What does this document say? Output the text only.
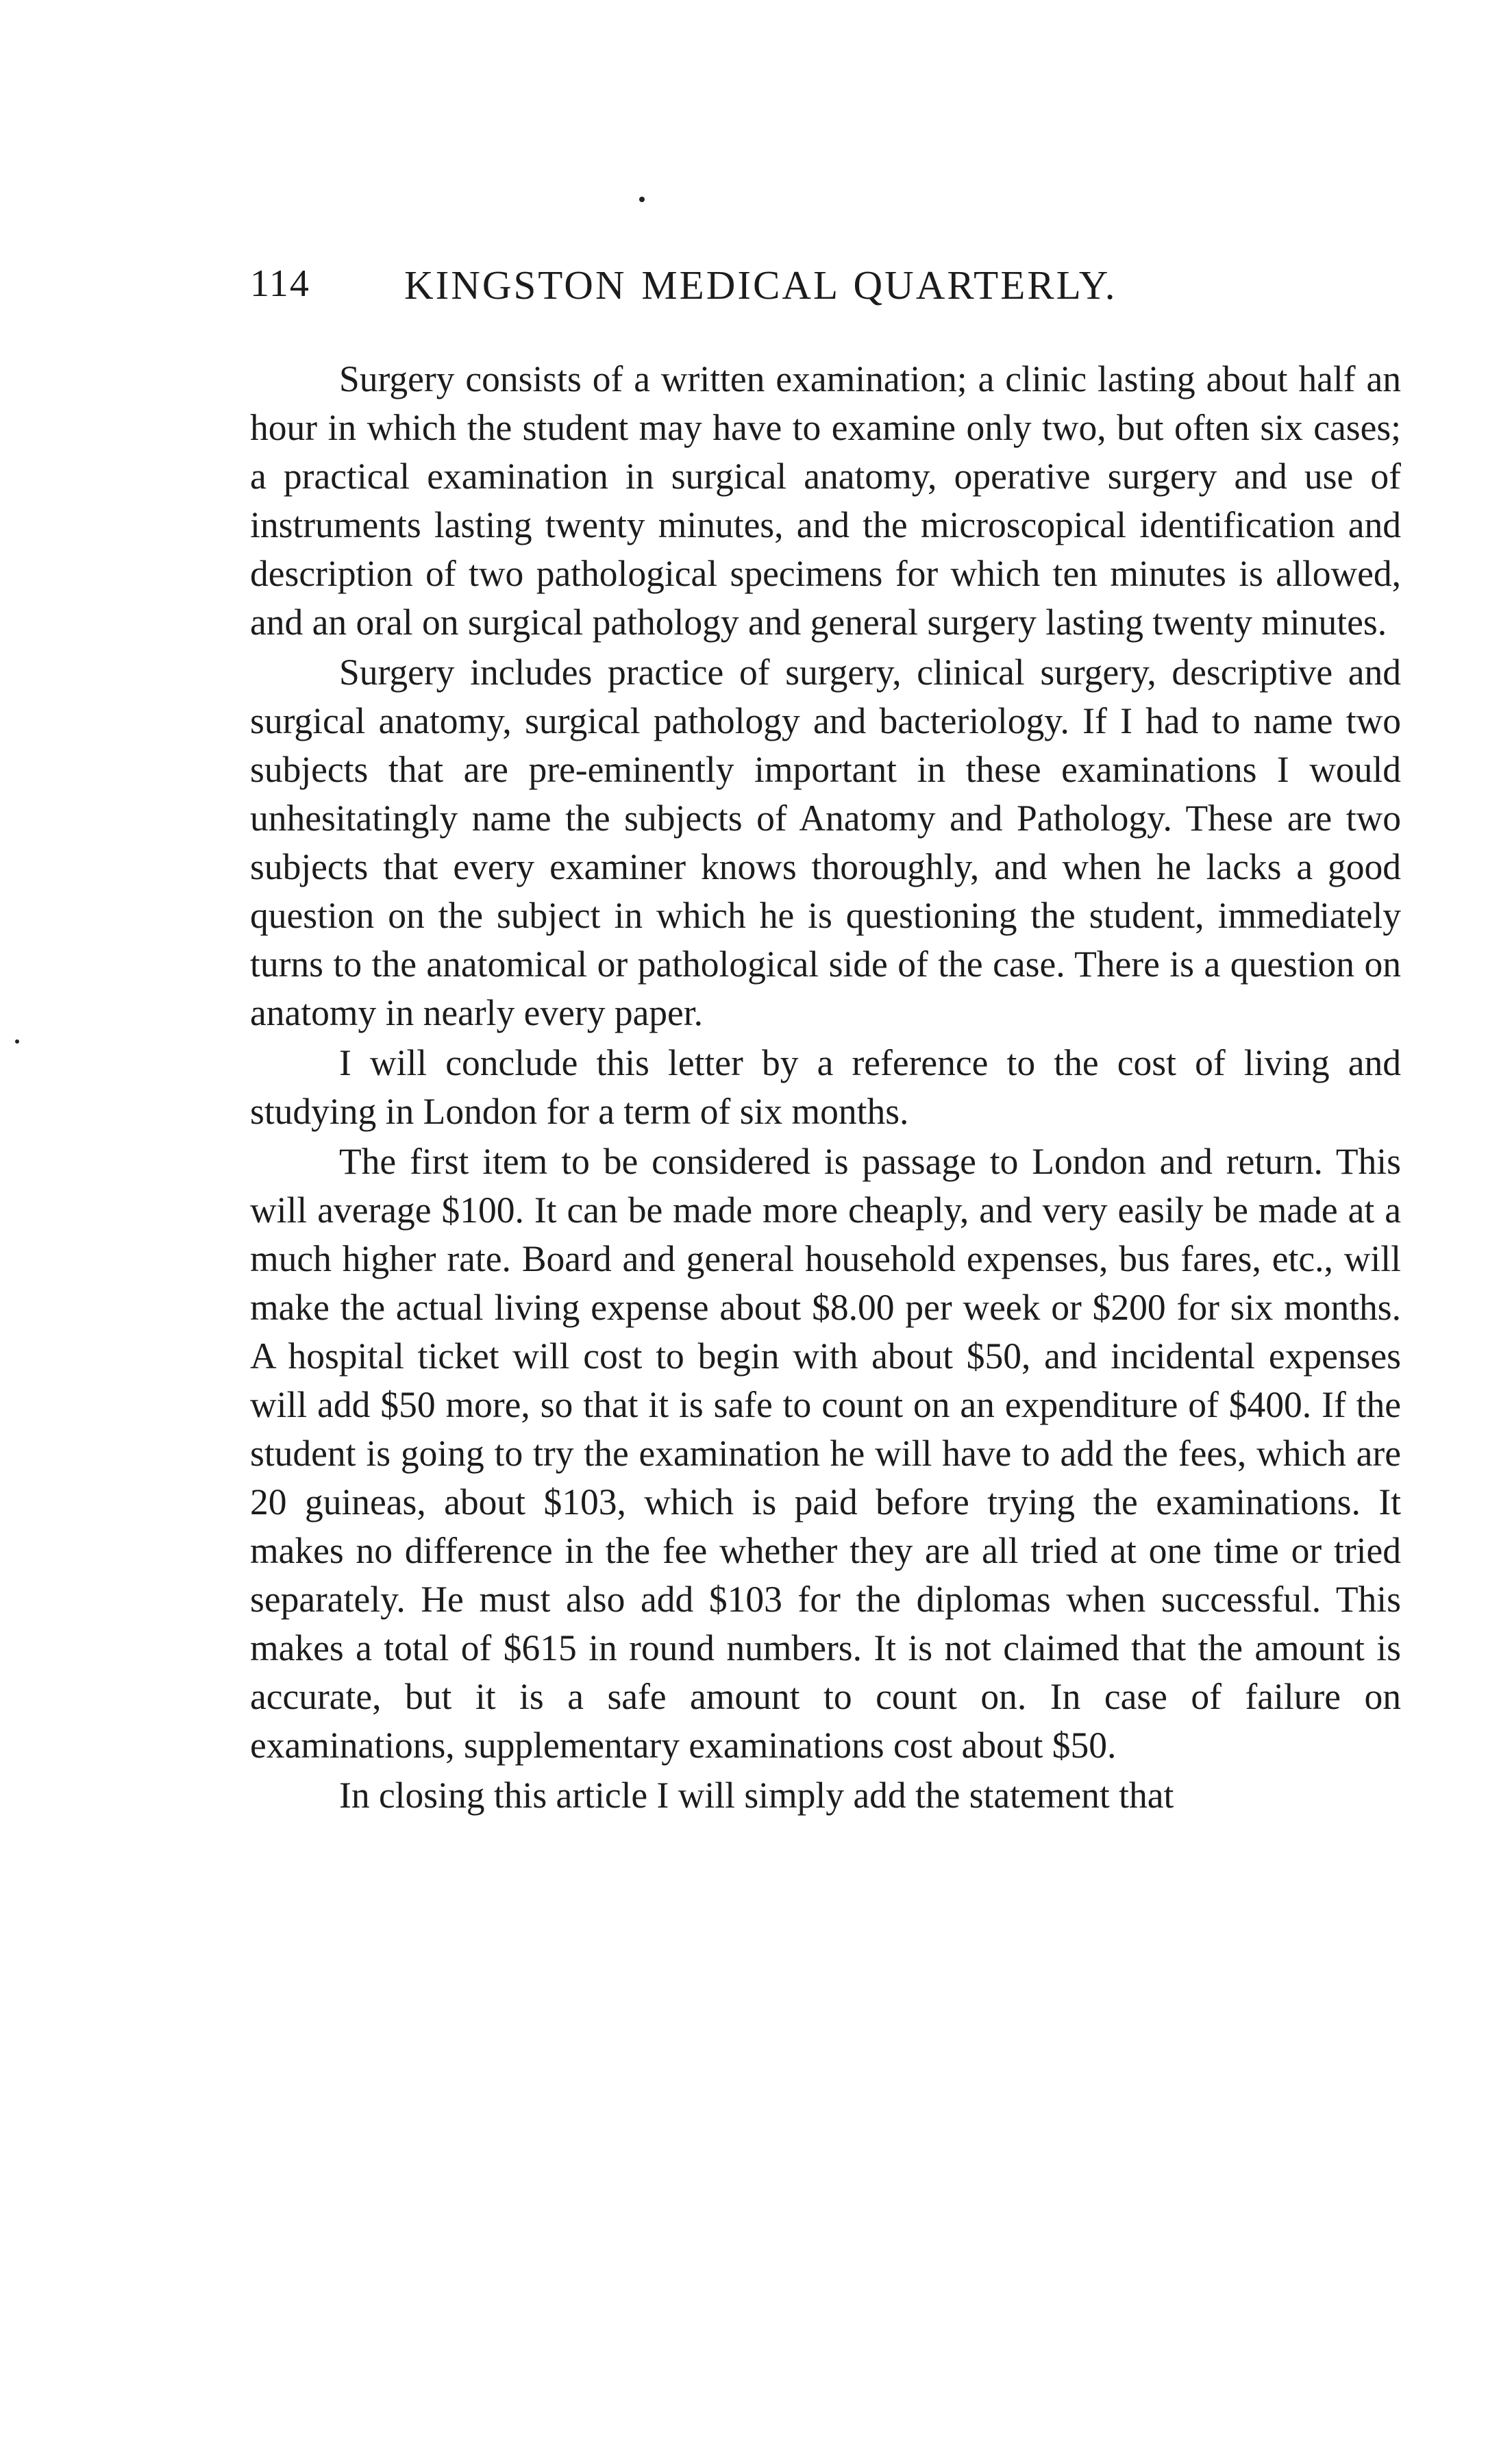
114 KINGSTON MEDICAL QUARTERLY.

Surgery consists of a written examination; a clinic lasting about half an hour in which the student may have to examine only two, but often six cases; a practical examination in surgical anatomy, operative surgery and use of instruments lasting twenty minutes, and the microscopical identification and description of two pathological specimens for which ten minutes is allowed, and an oral on surgical pathology and general surgery lasting twenty minutes.

Surgery includes practice of surgery, clinical surgery, descriptive and surgical anatomy, surgical pathology and bacteriology. If I had to name two subjects that are pre-eminently important in these examinations I would unhesitatingly name the subjects of Anatomy and Pathology. These are two subjects that every examiner knows thoroughly, and when he lacks a good question on the subject in which he is questioning the student, immediately turns to the anatomical or pathological side of the case. There is a question on anatomy in nearly every paper.

I will conclude this letter by a reference to the cost of living and studying in London for a term of six months.

The first item to be considered is passage to London and return. This will average $100. It can be made more cheaply, and very easily be made at a much higher rate. Board and general household expenses, bus fares, etc., will make the actual living expense about $8.00 per week or $200 for six months. A hospital ticket will cost to begin with about $50, and incidental expenses will add $50 more, so that it is safe to count on an expenditure of $400. If the student is going to try the examination he will have to add the fees, which are 20 guineas, about $103, which is paid before trying the examinations. It makes no difference in the fee whether they are all tried at one time or tried separately. He must also add $103 for the diplomas when successful. This makes a total of $615 in round numbers. It is not claimed that the amount is accurate, but it is a safe amount to count on. In case of failure on examinations, supplementary examinations cost about $50.

In closing this article I will simply add the statement that
